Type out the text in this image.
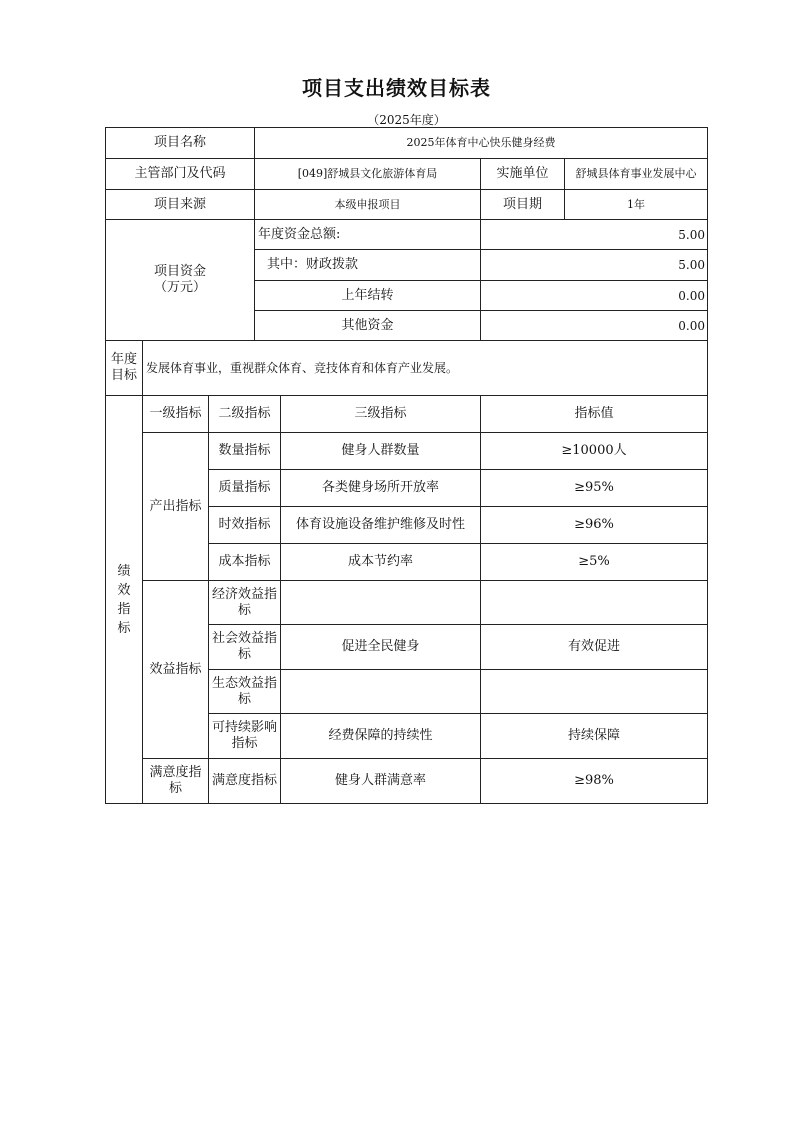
项目支出绩效目标表
（2025年度）
项目名称			2025年体育中心快乐健身经费			
主管部门及代码			[049]舒城县文化旅游体育局		实施单位	舒城县体育事业发展中心
项目来源			本级申报项目		项目期	1年

项目资金
（万元）			年度资金总额:		5.00	
			其中：财政拨款		5.00	
			上年结转		0.00	
			其他资金		0.00	

年度
目标	发展体育事业，重视群众体育、竞技体育和体育产业发展。					

绩
效
指
标	一级指标	二级指标		三级指标	指标值	
	产出指标	数量指标		健身人群数量	≥10000人	
		质量指标		各类健身场所开放率	≥95%	
		时效指标		体育设施设备维护维修及时性	≥96%	
		成本指标		成本节约率	≥5%	
	效益指标	经济效益指标				
		社会效益指标		促进全民健身	有效促进	
		生态效益指标				
		可持续影响指标		经费保障的持续性	持续保障	
	满意度指标	满意度指标		健身人群满意率	≥98%	
